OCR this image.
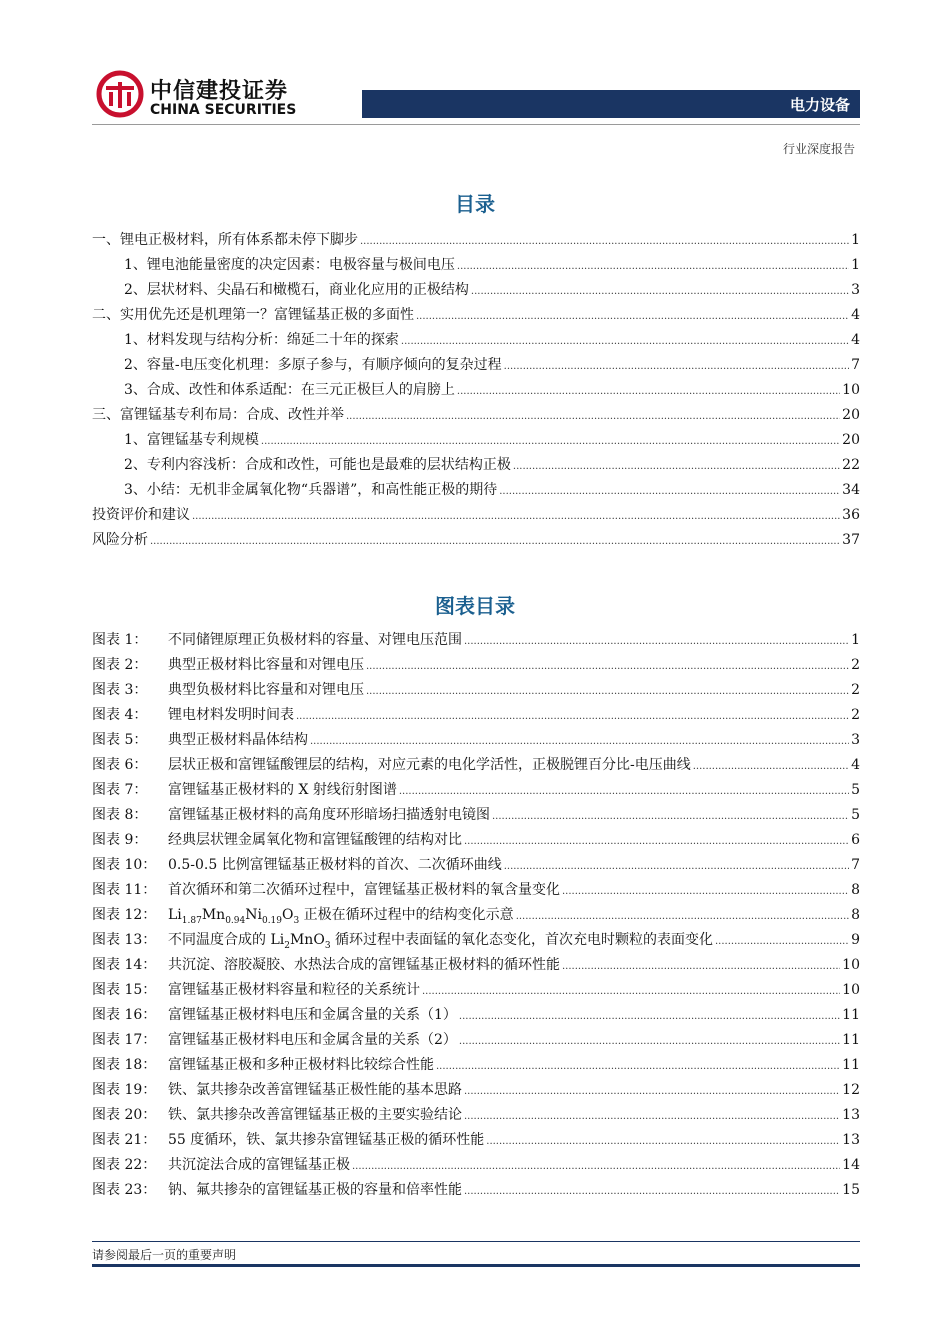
中信建投证券
CHINA SECURITIES	电力设备
行业深度报告
目录
一、锂电正极材料，所有体系都未停下脚步 .....	1
1、锂电池能量密度的决定因素：电极容量与极间电压 .....	1
2、层状材料、尖晶石和橄榄石，商业化应用的正极结构 .....	3
二、实用优先还是机理第一？富锂锰基正极的多面性 .....	4
1、材料发现与结构分析：绵延二十年的探索 .....	4
2、容量-电压变化机理：多原子参与，有顺序倾向的复杂过程 .....	7
3、合成、改性和体系适配：在三元正极巨人的肩膀上 .....	10
三、富锂锰基专利布局：合成、改性并举 .....	20
1、富锂锰基专利规模 .....	20
2、专利内容浅析：合成和改性，可能也是最难的层状结构正极 .....	22
3、小结：无机非金属氧化物“兵器谱”，和高性能正极的期待 .....	34
投资评价和建议 .....	36
风险分析 .....	37
图表目录
图表 1： 不同储锂原理正负极材料的容量、对锂电压范围 .....	1
图表 2： 典型正极材料比容量和对锂电压 .....	2
图表 3： 典型负极材料比容量和对锂电压 .....	2
图表 4： 锂电材料发明时间表 .....	2
图表 5： 典型正极材料晶体结构 .....	3
图表 6： 层状正极和富锂锰酸锂层的结构，对应元素的电化学活性，正极脱锂百分比-电压曲线 .....	4
图表 7： 富锂锰基正极材料的 X 射线衍射图谱 .....	5
图表 8： 富锂锰基正极材料的高角度环形暗场扫描透射电镜图 .....	5
图表 9： 经典层状锂金属氧化物和富锂锰酸锂的结构对比 .....	6
图表 10： 0.5-0.5 比例富锂锰基正极材料的首次、二次循环曲线 .....	7
图表 11： 首次循环和第二次循环过程中，富锂锰基正极材料的氧含量变化 .....	8
图表 12： $Li_{1.87}Mn_{0.94}Ni_{0.19}O_3$ 正极在循环过程中的结构变化示意 .....	8
图表 13： 不同温度合成的 $Li_2MnO_3$ 循环过程中表面锰的氧化态变化，首次充电时颗粒的表面变化 .....	9
图表 14： 共沉淀、溶胶凝胶、水热法合成的富锂锰基正极材料的循环性能 .....	10
图表 15： 富锂锰基正极材料容量和粒径的关系统计 .....	10
图表 16： 富锂锰基正极材料电压和金属含量的关系（1） .....	11
图表 17： 富锂锰基正极材料电压和金属含量的关系（2） .....	11
图表 18： 富锂锰基正极和多种正极材料比较综合性能 .....	11
图表 19： 铁、氯共掺杂改善富锂锰基正极性能的基本思路 .....	12
图表 20： 铁、氯共掺杂改善富锂锰基正极的主要实验结论 .....	13
图表 21： 55 度循环，铁、氯共掺杂富锂锰基正极的循环性能 .....	13
图表 22： 共沉淀法合成的富锂锰基正极 .....	14
图表 23： 钠、氟共掺杂的富锂锰基正极的容量和倍率性能 .....	15
请参阅最后一页的重要声明
